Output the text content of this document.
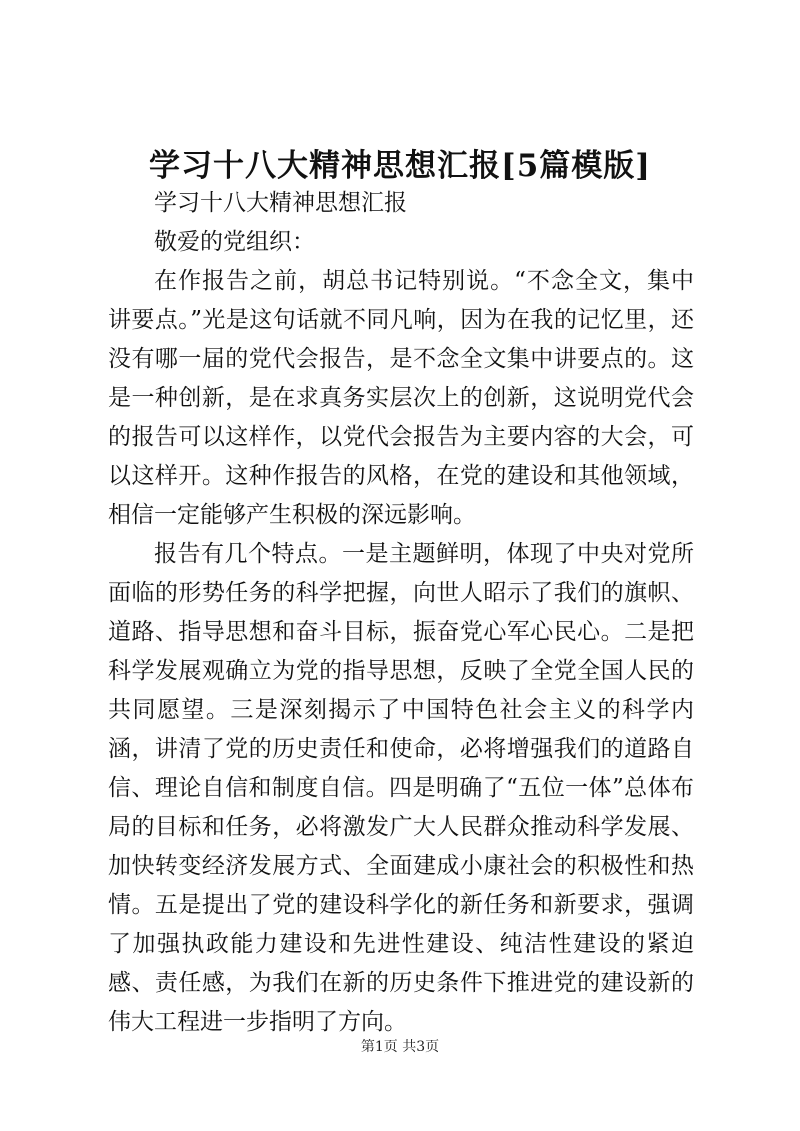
学习十八大精神思想汇报[5篇模版]

学习十八大精神思想汇报

敬爱的党组织：

在作报告之前，胡总书记特别说。“不念全文，集中讲要点。”光是这句话就不同凡响，因为在我的记忆里，还没有哪一届的党代会报告，是不念全文集中讲要点的。这是一种创新，是在求真务实层次上的创新，这说明党代会的报告可以这样作，以党代会报告为主要内容的大会，可以这样开。这种作报告的风格，在党的建设和其他领域，相信一定能够产生积极的深远影响。

报告有几个特点。一是主题鲜明，体现了中央对党所面临的形势任务的科学把握，向世人昭示了我们的旗帜、道路、指导思想和奋斗目标，振奋党心军心民心。二是把科学发展观确立为党的指导思想，反映了全党全国人民的共同愿望。三是深刻揭示了中国特色社会主义的科学内涵，讲清了党的历史责任和使命，必将增强我们的道路自信、理论自信和制度自信。四是明确了“五位一体”总体布局的目标和任务，必将激发广大人民群众推动科学发展、加快转变经济发展方式、全面建成小康社会的积极性和热情。五是提出了党的建设科学化的新任务和新要求，强调了加强执政能力建设和先进性建设、纯洁性建设的紧迫感、责任感，为我们在新的历史条件下推进党的建设新的伟大工程进一步指明了方向。

第1页 共3页
